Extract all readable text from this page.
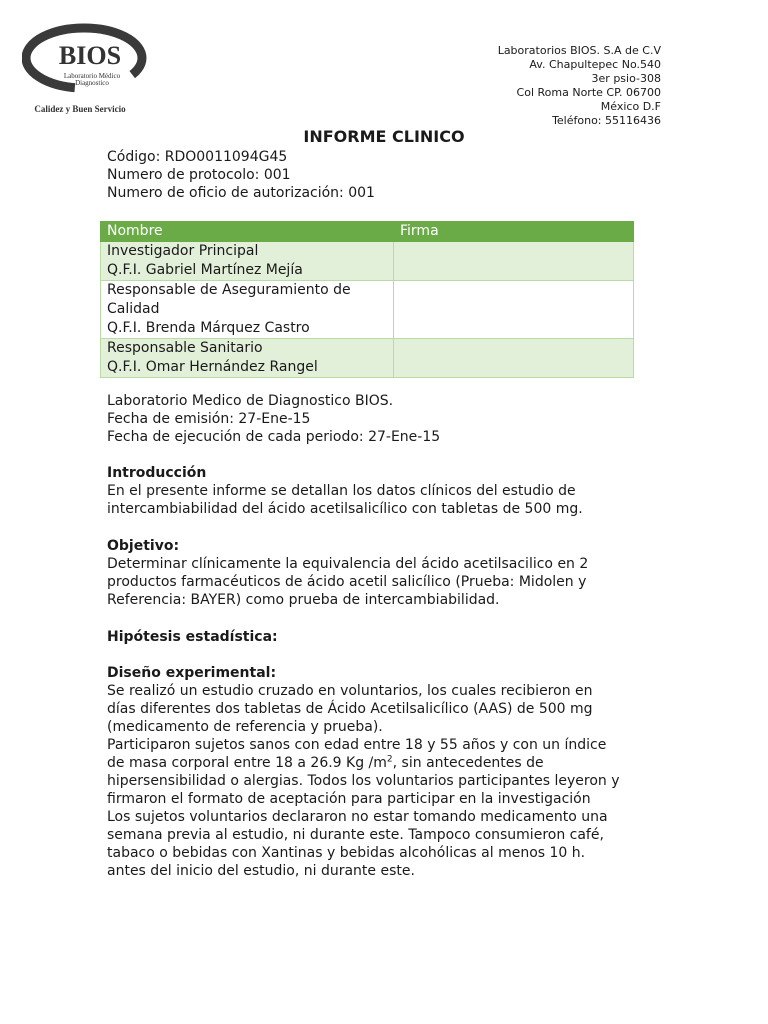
BIOS
Laboratorio Médico
Diagnostico
Calidez y Buen Servicio
Laboratorios BIOS. S.A de C.V
Av. Chapultepec No.540
3er psio-308
Col Roma Norte CP. 06700
México D.F
Teléfono: 55116436
INFORME CLINICO

Código: RDO0011094G45

Numero de protocolo: 001

Numero de oficio de autorización: 001

Nombre	Firma

Investigador Principal
Q.F.I. Gabriel Martínez Mejía	

Responsable de Aseguramiento de
Calidad
Q.F.I. Brenda Márquez Castro	

Responsable Sanitario
Q.F.I. Omar Hernández Rangel	

Laboratorio Medico de Diagnostico BIOS.

Fecha de emisión: 27-Ene-15

Fecha de ejecución de cada periodo: 27-Ene-15

Introducción

En el presente informe se detallan los datos clínicos del estudio de

intercambiabilidad del ácido acetilsalicílico con tabletas de 500 mg.

Objetivo:

Determinar clínicamente la equivalencia del ácido acetilsacilico en 2

productos farmacéuticos de ácido acetil salicílico (Prueba: Midolen y

Referencia: BAYER) como prueba de intercambiabilidad.

Hipótesis estadística:

Diseño experimental:

Se realizó un estudio cruzado en voluntarios, los cuales recibieron en

días diferentes dos tabletas de Ácido Acetilsalicílico (AAS) de 500 mg

(medicamento de referencia y prueba).

Participaron sujetos sanos con edad entre 18 y 55 años y con un índice

de masa corporal entre 18 a 26.9 Kg $/m^2$, sin antecedentes de

hipersensibilidad o alergias. Todos los voluntarios participantes leyeron y

firmaron el formato de aceptación para participar en la investigación

Los sujetos voluntarios declararon no estar tomando medicamento una

semana previa al estudio, ni durante este. Tampoco consumieron café,

tabaco o bebidas con Xantinas y bebidas alcohólicas al menos 10 h.

antes del inicio del estudio, ni durante este.
